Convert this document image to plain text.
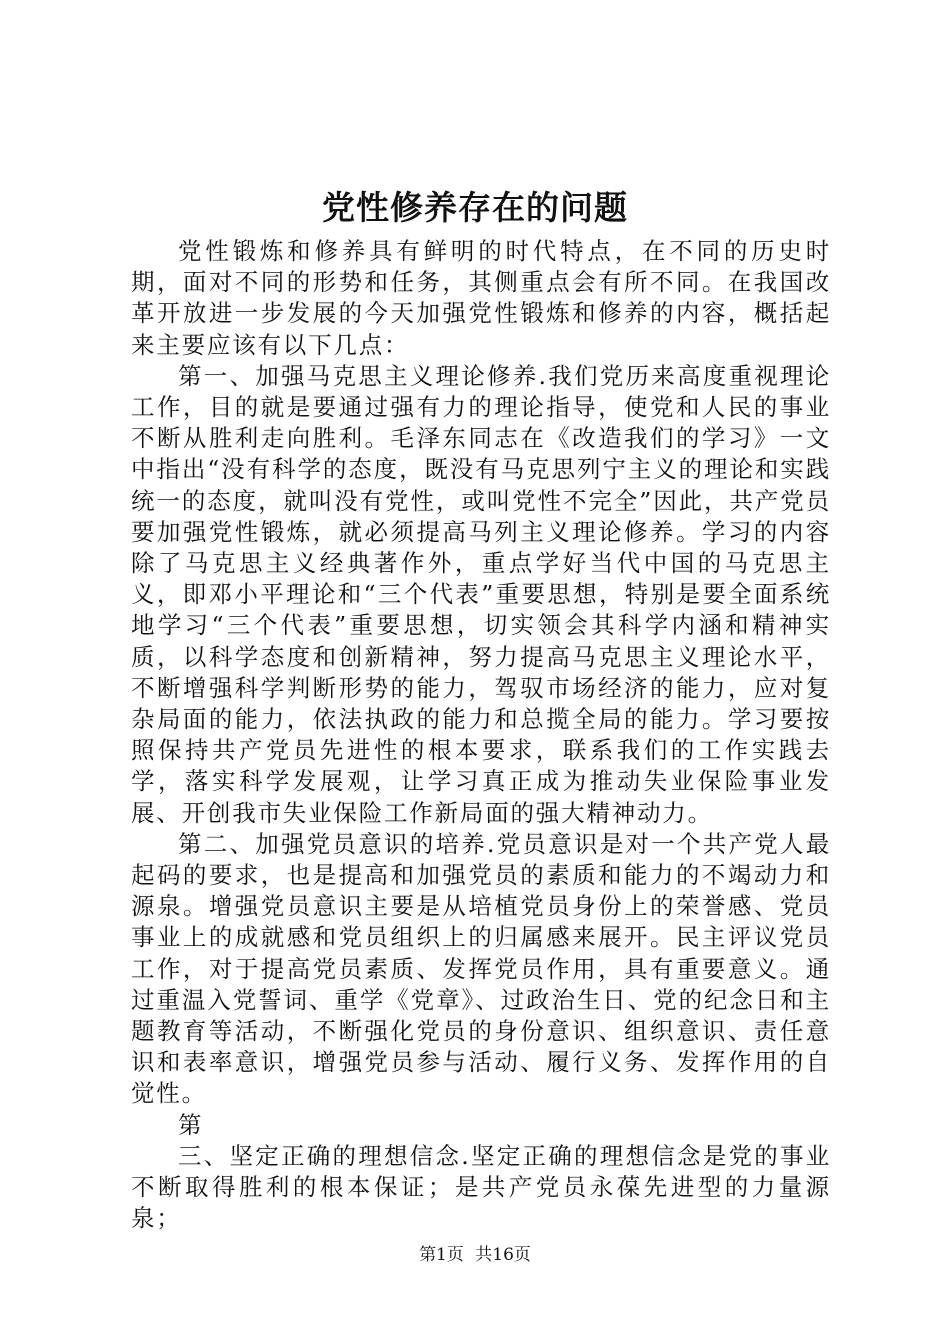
党性修养存在的问题

党性锻炼和修养具有鲜明的时代特点，在不同的历史时期，面对不同的形势和任务，其侧重点会有所不同。在我国改革开放进一步发展的今天加强党性锻炼和修养的内容，概括起来主要应该有以下几点：

第一、加强马克思主义理论修养.我们党历来高度重视理论工作，目的就是要通过强有力的理论指导，使党和人民的事业不断从胜利走向胜利。毛泽东同志在《改造我们的学习》一文中指出“没有科学的态度，既没有马克思列宁主义的理论和实践统一的态度，就叫没有党性，或叫党性不完全”因此，共产党员要加强党性锻炼，就必须提高马列主义理论修养。学习的内容除了马克思主义经典著作外，重点学好当代中国的马克思主义，即邓小平理论和“三个代表”重要思想，特别是要全面系统地学习“三个代表”重要思想，切实领会其科学内涵和精神实质，以科学态度和创新精神，努力提高马克思主义理论水平，不断增强科学判断形势的能力，驾驭市场经济的能力，应对复杂局面的能力，依法执政的能力和总揽全局的能力。学习要按照保持共产党员先进性的根本要求，联系我们的工作实践去学，落实科学发展观，让学习真正成为推动失业保险事业发展、开创我市失业保险工作新局面的强大精神动力。

第二、加强党员意识的培养.党员意识是对一个共产党人最起码的要求，也是提高和加强党员的素质和能力的不竭动力和源泉。增强党员意识主要是从培植党员身份上的荣誉感、党员事业上的成就感和党员组织上的归属感来展开。民主评议党员工作，对于提高党员素质、发挥党员作用，具有重要意义。通过重温入党誓词、重学《党章》、过政治生日、党的纪念日和主题教育等活动，不断强化党员的身份意识、组织意识、责任意识和表率意识，增强党员参与活动、履行义务、发挥作用的自觉性。

第

三、坚定正确的理想信念.坚定正确的理想信念是党的事业不断取得胜利的根本保证；是共产党员永葆先进型的力量源泉；

第1页 共16页
